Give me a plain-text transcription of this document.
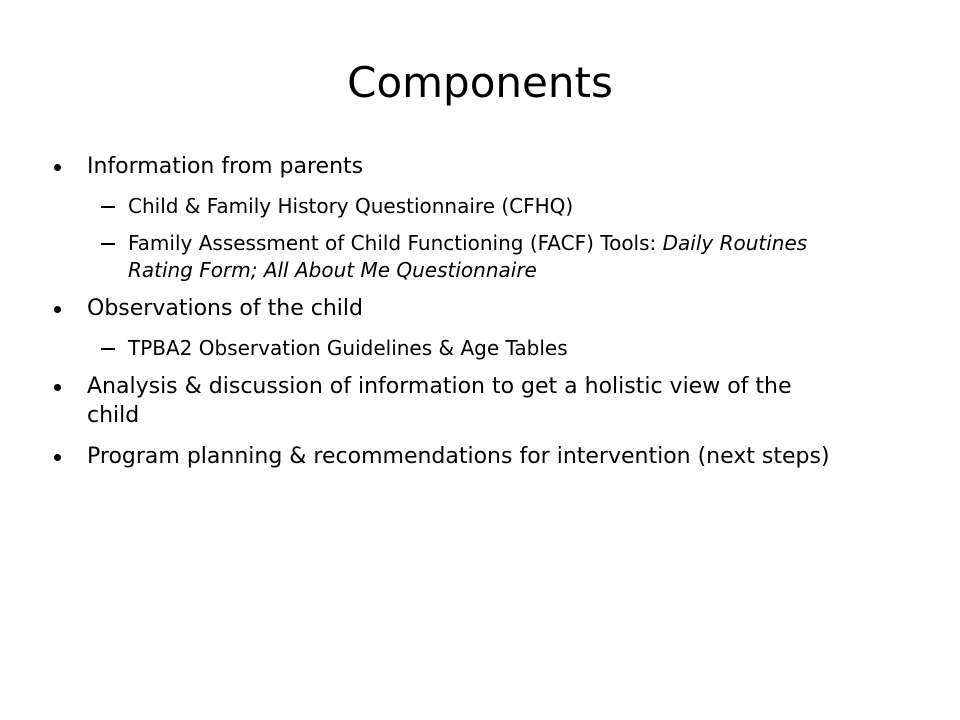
Components
Information from parents
Child & Family History Questionnaire (CFHQ)
Family Assessment of Child Functioning (FACF) Tools: Daily Routines Rating Form; All About Me Questionnaire
Observations of the child
TPBA2 Observation Guidelines & Age Tables
Analysis & discussion of information to get a holistic view of the child
Program planning & recommendations for intervention (next steps)
